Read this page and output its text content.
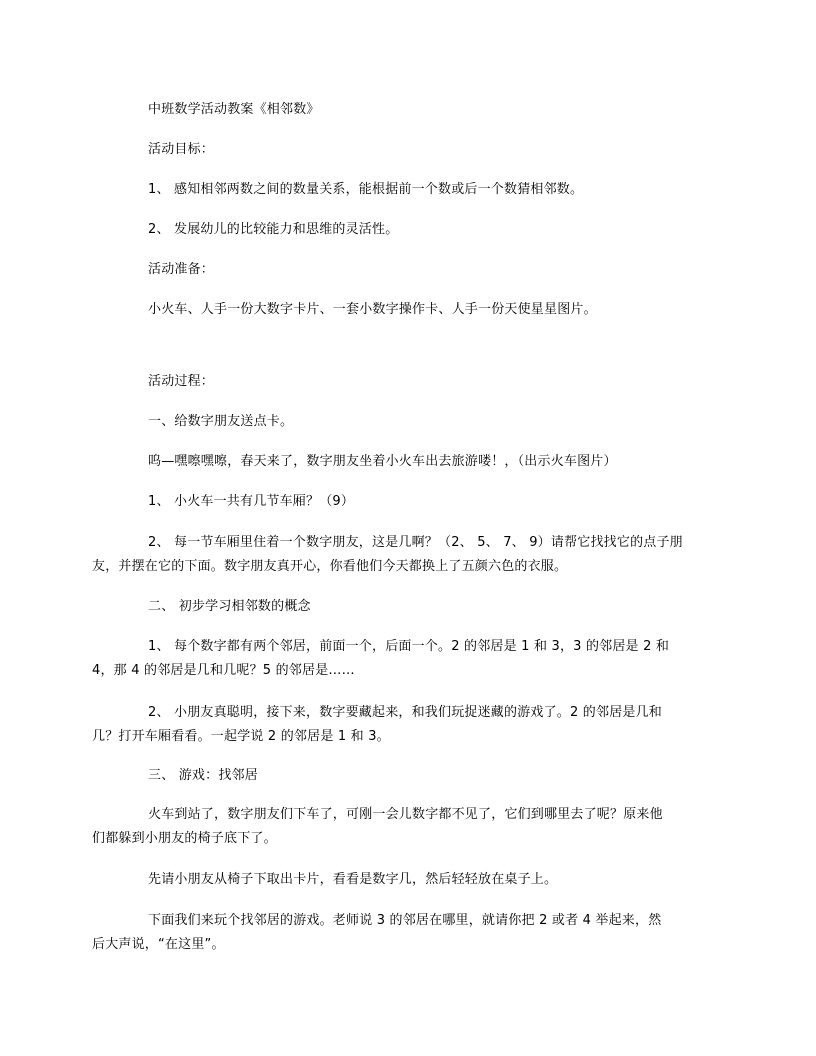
中班数学活动教案《相邻数》
活动目标：
1、 感知相邻两数之间的数量关系，能根据前一个数或后一个数猜相邻数。
2、 发展幼儿的比较能力和思维的灵活性。
活动准备：
小火车、人手一份大数字卡片、一套小数字操作卡、人手一份天使星星图片。
活动过程：
一、给数字朋友送点卡。
呜—嘿嚓嘿嚓，春天来了，数字朋友坐着小火车出去旅游喽！，（出示火车图片）
1、 小火车一共有几节车厢？（9）
2、 每一节车厢里住着一个数字朋友，这是几啊？（2、 5、 7、 9）请帮它找找它的点子朋
友，并摆在它的下面。数字朋友真开心，你看他们今天都换上了五颜六色的衣服。
二、 初步学习相邻数的概念
1、 每个数字都有两个邻居，前面一个，后面一个。2 的邻居是 1 和 3，3 的邻居是 2 和
4，那 4 的邻居是几和几呢？5 的邻居是……
2、 小朋友真聪明，接下来，数字要藏起来，和我们玩捉迷藏的游戏了。2 的邻居是几和
几？打开车厢看看。一起学说 2 的邻居是 1 和 3。
三、 游戏：找邻居
火车到站了，数字朋友们下车了，可刚一会儿数字都不见了，它们到哪里去了呢？原来他
们都躲到小朋友的椅子底下了。
先请小朋友从椅子下取出卡片，看看是数字几，然后轻轻放在桌子上。
下面我们来玩个找邻居的游戏。老师说 3 的邻居在哪里，就请你把 2 或者 4 举起来，然
后大声说，“在这里”。
